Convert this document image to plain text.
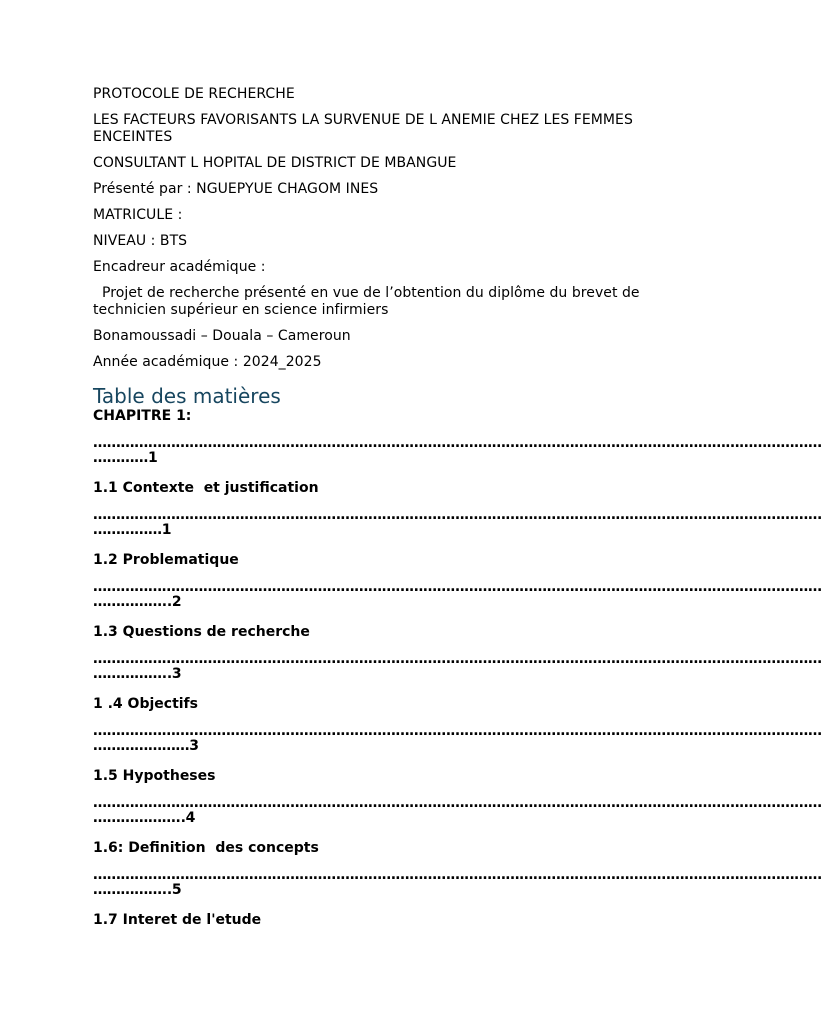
PROTOCOLE DE RECHERCHE

LES FACTEURS FAVORISANTS LA SURVENUE DE L ANEMIE CHEZ LES FEMMES ENCEINTES

CONSULTANT L HOPITAL DE DISTRICT DE MBANGUE

Présenté par : NGUEPYUE CHAGOM INES

MATRICULE :

NIVEAU : BTS

Encadreur académique :

Projet de recherche présenté en vue de l’obtention du diplôme du brevet de technicien supérieur en science infirmiers

Bonamoussadi – Douala – Cameroun

Année académique : 2024_2025

Table des matières
CHAPITRE 1:
……………………………………………………………………………………………………………………………………………
…………1
1.1 Contexte  et justification
……………………………………………………………………………………………………………………………………………
……………1
1.2 Problematique
……………………………………………………………………………………………………………………………………………
……………..2
1.3 Questions de recherche
……………………………………………………………………………………………………………………………………………
……………..3
1 .4 Objectifs
……………………………………………………………………………………………………………………………………………
…………………3
1.5 Hypotheses
……………………………………………………………………………………………………………………………………………
………………..4
1.6: Definition  des concepts
……………………………………………………………………………………………………………………………………………
……………..5
1.7 Interet de l'etude
